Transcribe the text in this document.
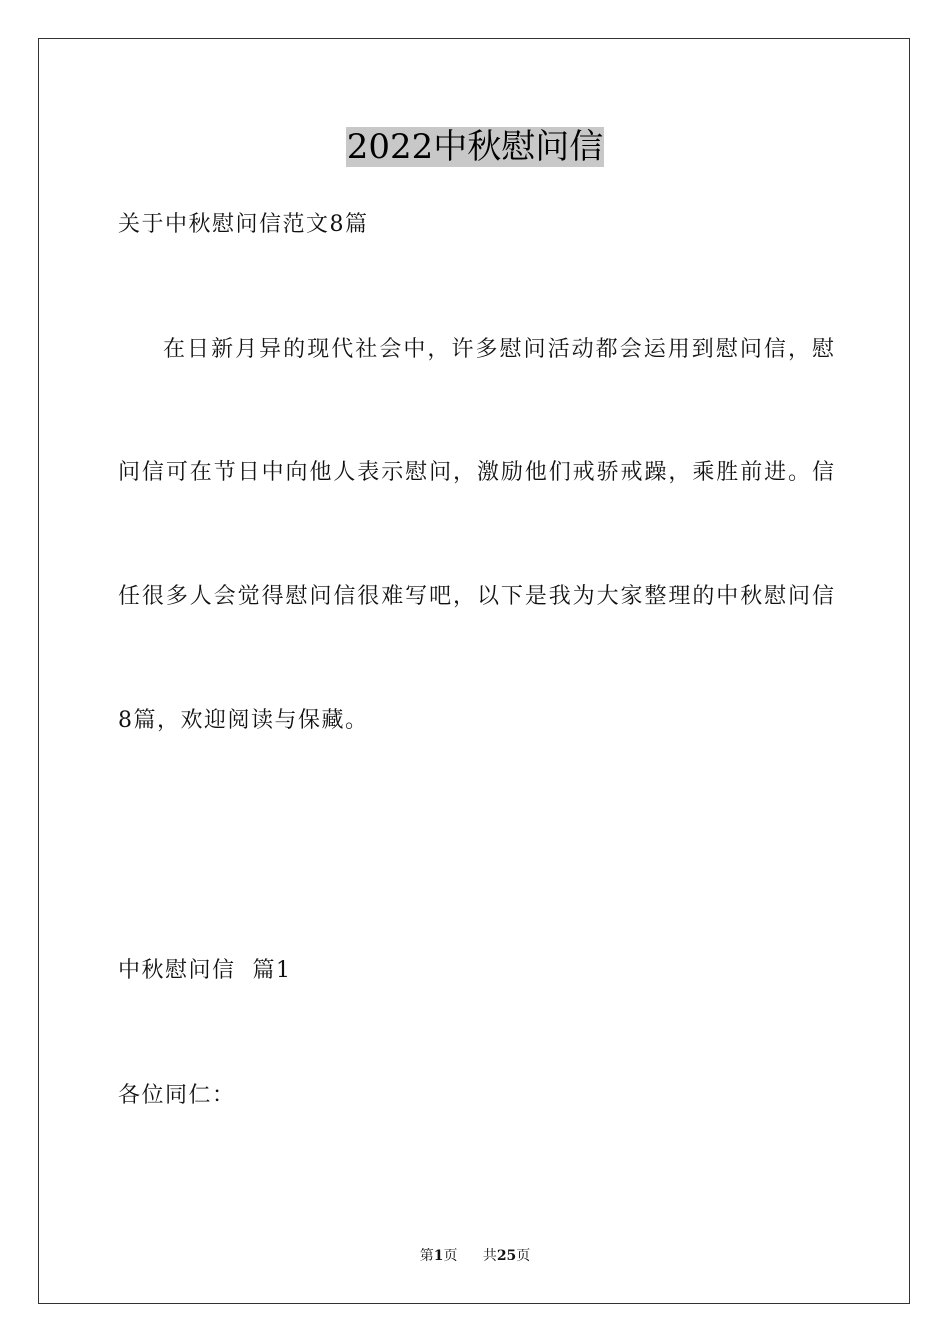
2022中秋慰问信
关于中秋慰问信范文8篇
在日新月异的现代社会中，许多慰问活动都会运用到慰问信，慰
问信可在节日中向他人表示慰问，激励他们戒骄戒躁，乘胜前进。信
任很多人会觉得慰问信很难写吧，以下是我为大家整理的中秋慰问信
8篇，欢迎阅读与保藏。
中秋慰问信  篇1
各位同仁：
第1页 共25页
